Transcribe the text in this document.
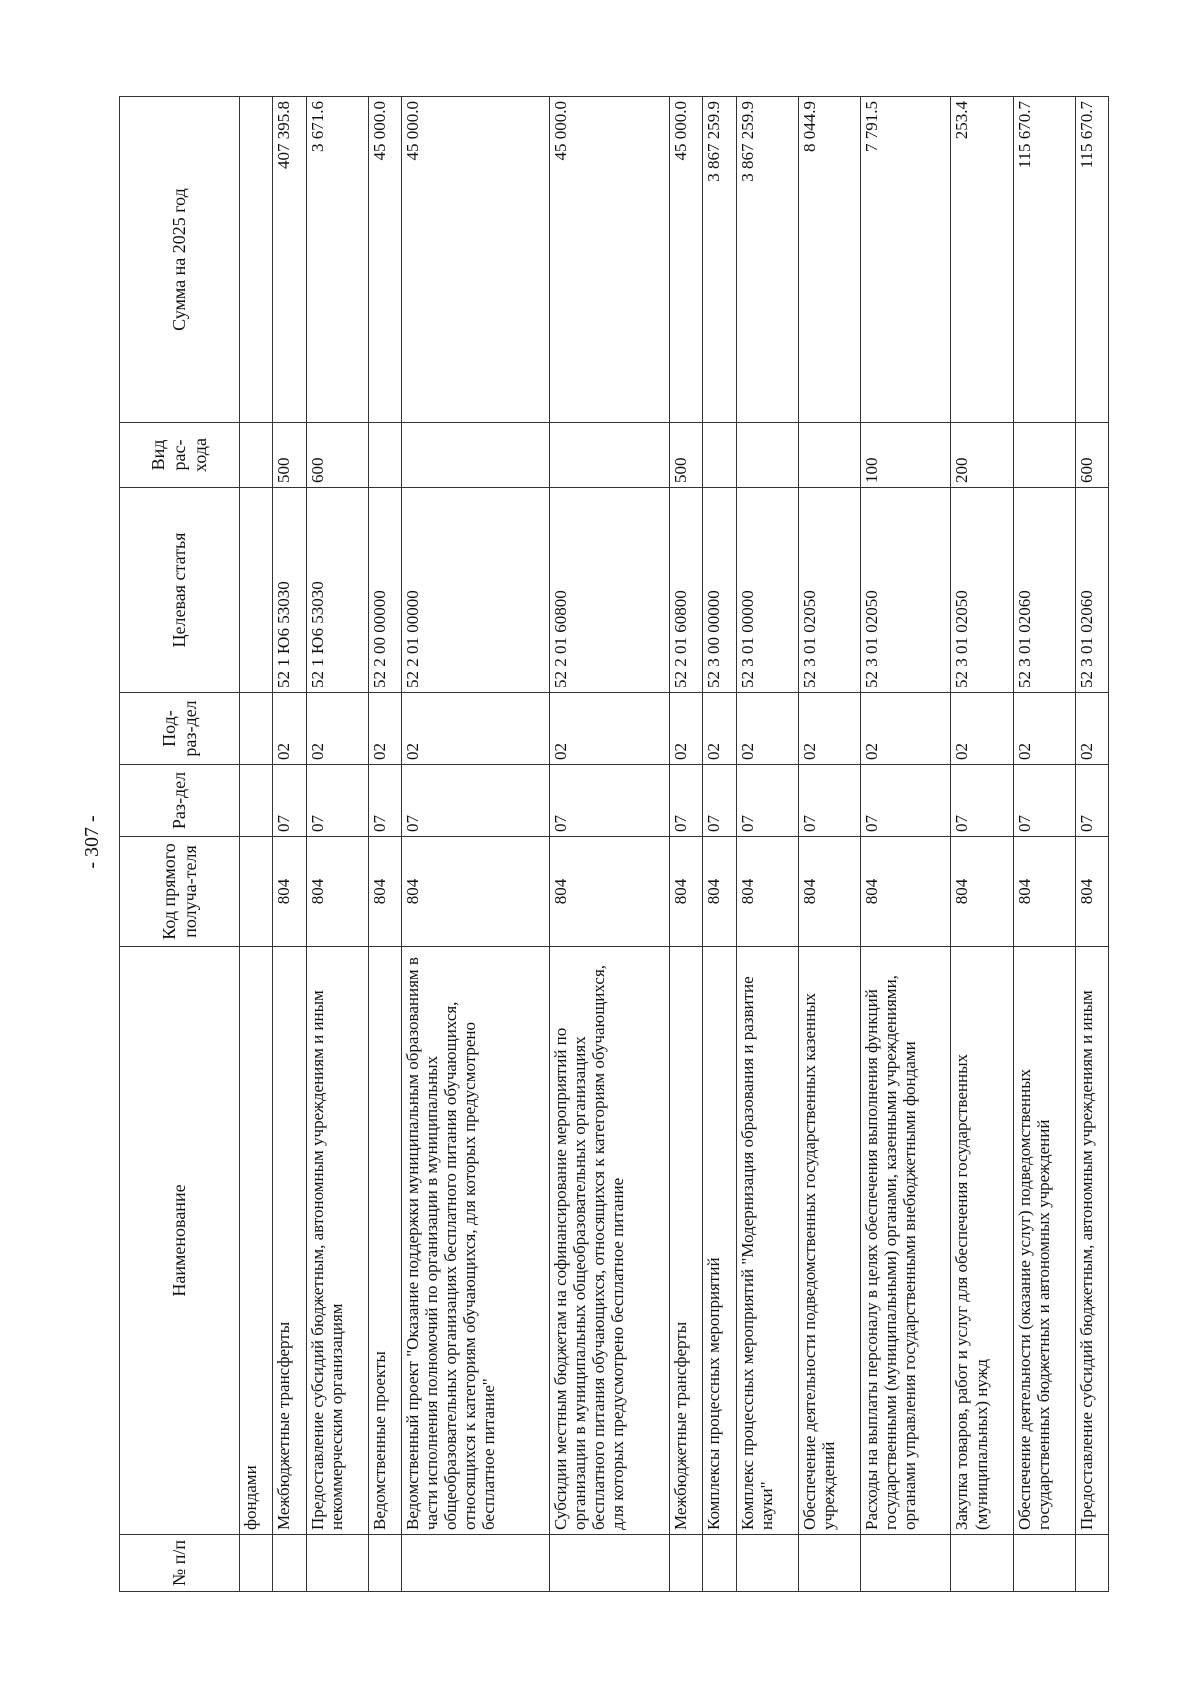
- 307 -
№ п/п	Наименование	Код прямого получа-теля	Раз-дел	Под-раз-дел	Целевая статья	Вид рас-хода	Сумма на 2025 год
	фондами						
	Межбюджетные трансферты	804	07	02	52 1 Ю6 53030	500	407 395.8
	Предоставление субсидий бюджетным, автономным учреждениям и иным некоммерческим организациям	804	07	02	52 1 Ю6 53030	600	3 671.6
	Ведомственные проекты	804	07	02	52 2 00 00000		45 000.0
	Ведомственный проект "Оказание поддержки муниципальным образованиям в части исполнения полномочий по организации в муниципальных общеобразовательных организациях бесплатного питания обучающихся, относящихся к категориям обучающихся, для которых предусмотрено бесплатное питание"	804	07	02	52 2 01 00000		45 000.0
	Субсидии местным бюджетам на софинансирование мероприятий по организации в муниципальных общеобразовательных организациях бесплатного питания обучающихся, относящихся к категориям обучающихся, для которых предусмотрено бесплатное питание	804	07	02	52 2 01 60800		45 000.0
	Межбюджетные трансферты	804	07	02	52 2 01 60800	500	45 000.0
	Комплексы процессных мероприятий	804	07	02	52 3 00 00000		3 867 259.9
	Комплекс процессных мероприятий "Модернизация образования и развитие науки"	804	07	02	52 3 01 00000		3 867 259.9
	Обеспечение деятельности подведомственных государственных казенных учреждений	804	07	02	52 3 01 02050		8 044.9
	Расходы на выплаты персоналу в целях обеспечения выполнения функций государственными (муниципальными) органами, казенными учреждениями, органами управления государственными внебюджетными фондами	804	07	02	52 3 01 02050	100	7 791.5
	Закупка товаров, работ и услуг для обеспечения государственных (муниципальных) нужд	804	07	02	52 3 01 02050	200	253.4
	Обеспечение деятельности (оказание услуг) подведомственных государственных бюджетных и автономных учреждений	804	07	02	52 3 01 02060		115 670.7
	Предоставление субсидий бюджетным, автономным учреждениям и иным	804	07	02	52 3 01 02060	600	115 670.7
